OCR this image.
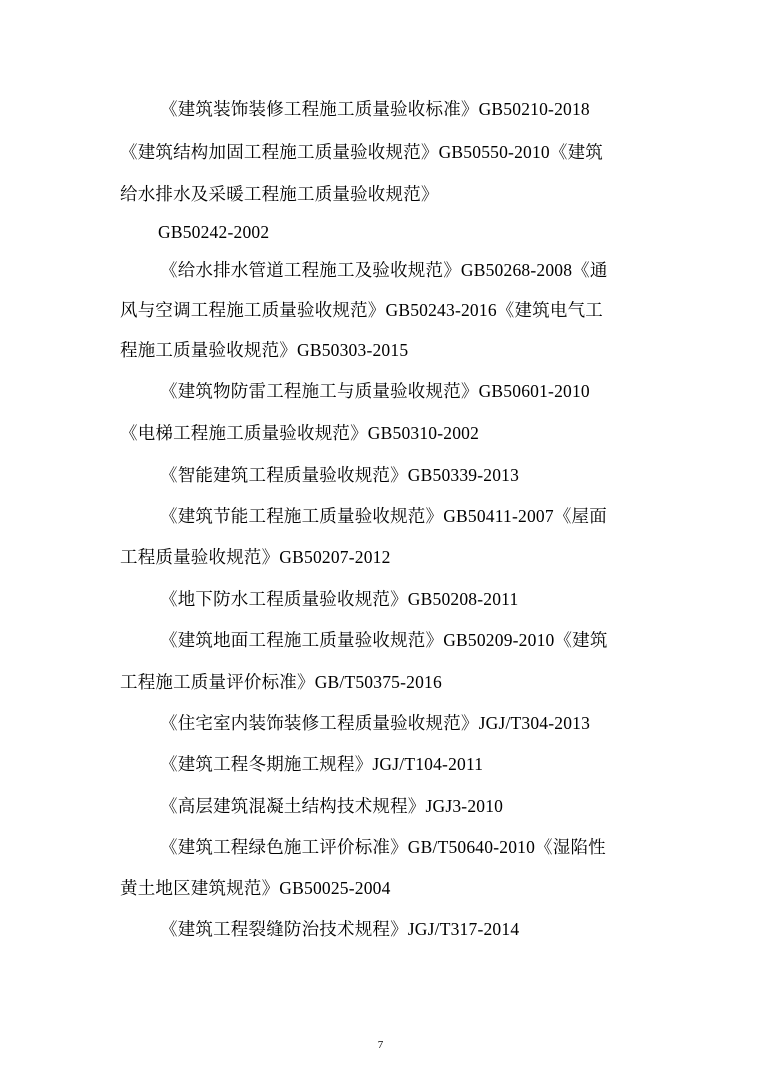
《建筑装饰装修工程施工质量验收标准》GB50210-2018
《建筑结构加固工程施工质量验收规范》GB50550-2010《建筑
给水排水及采暖工程施工质量验收规范》
GB50242-2002
《给水排水管道工程施工及验收规范》GB50268-2008《通
风与空调工程施工质量验收规范》GB50243-2016《建筑电气工
程施工质量验收规范》GB50303-2015
《建筑物防雷工程施工与质量验收规范》GB50601-2010
《电梯工程施工质量验收规范》GB50310-2002
《智能建筑工程质量验收规范》GB50339-2013
《建筑节能工程施工质量验收规范》GB50411-2007《屋面
工程质量验收规范》GB50207-2012
《地下防水工程质量验收规范》GB50208-2011
《建筑地面工程施工质量验收规范》GB50209-2010《建筑
工程施工质量评价标准》GB/T50375-2016
《住宅室内装饰装修工程质量验收规范》JGJ/T304-2013
《建筑工程冬期施工规程》JGJ/T104-2011
《高层建筑混凝土结构技术规程》JGJ3-2010
《建筑工程绿色施工评价标准》GB/T50640-2010《湿陷性
黄土地区建筑规范》GB50025-2004
《建筑工程裂缝防治技术规程》JGJ/T317-2014
7
